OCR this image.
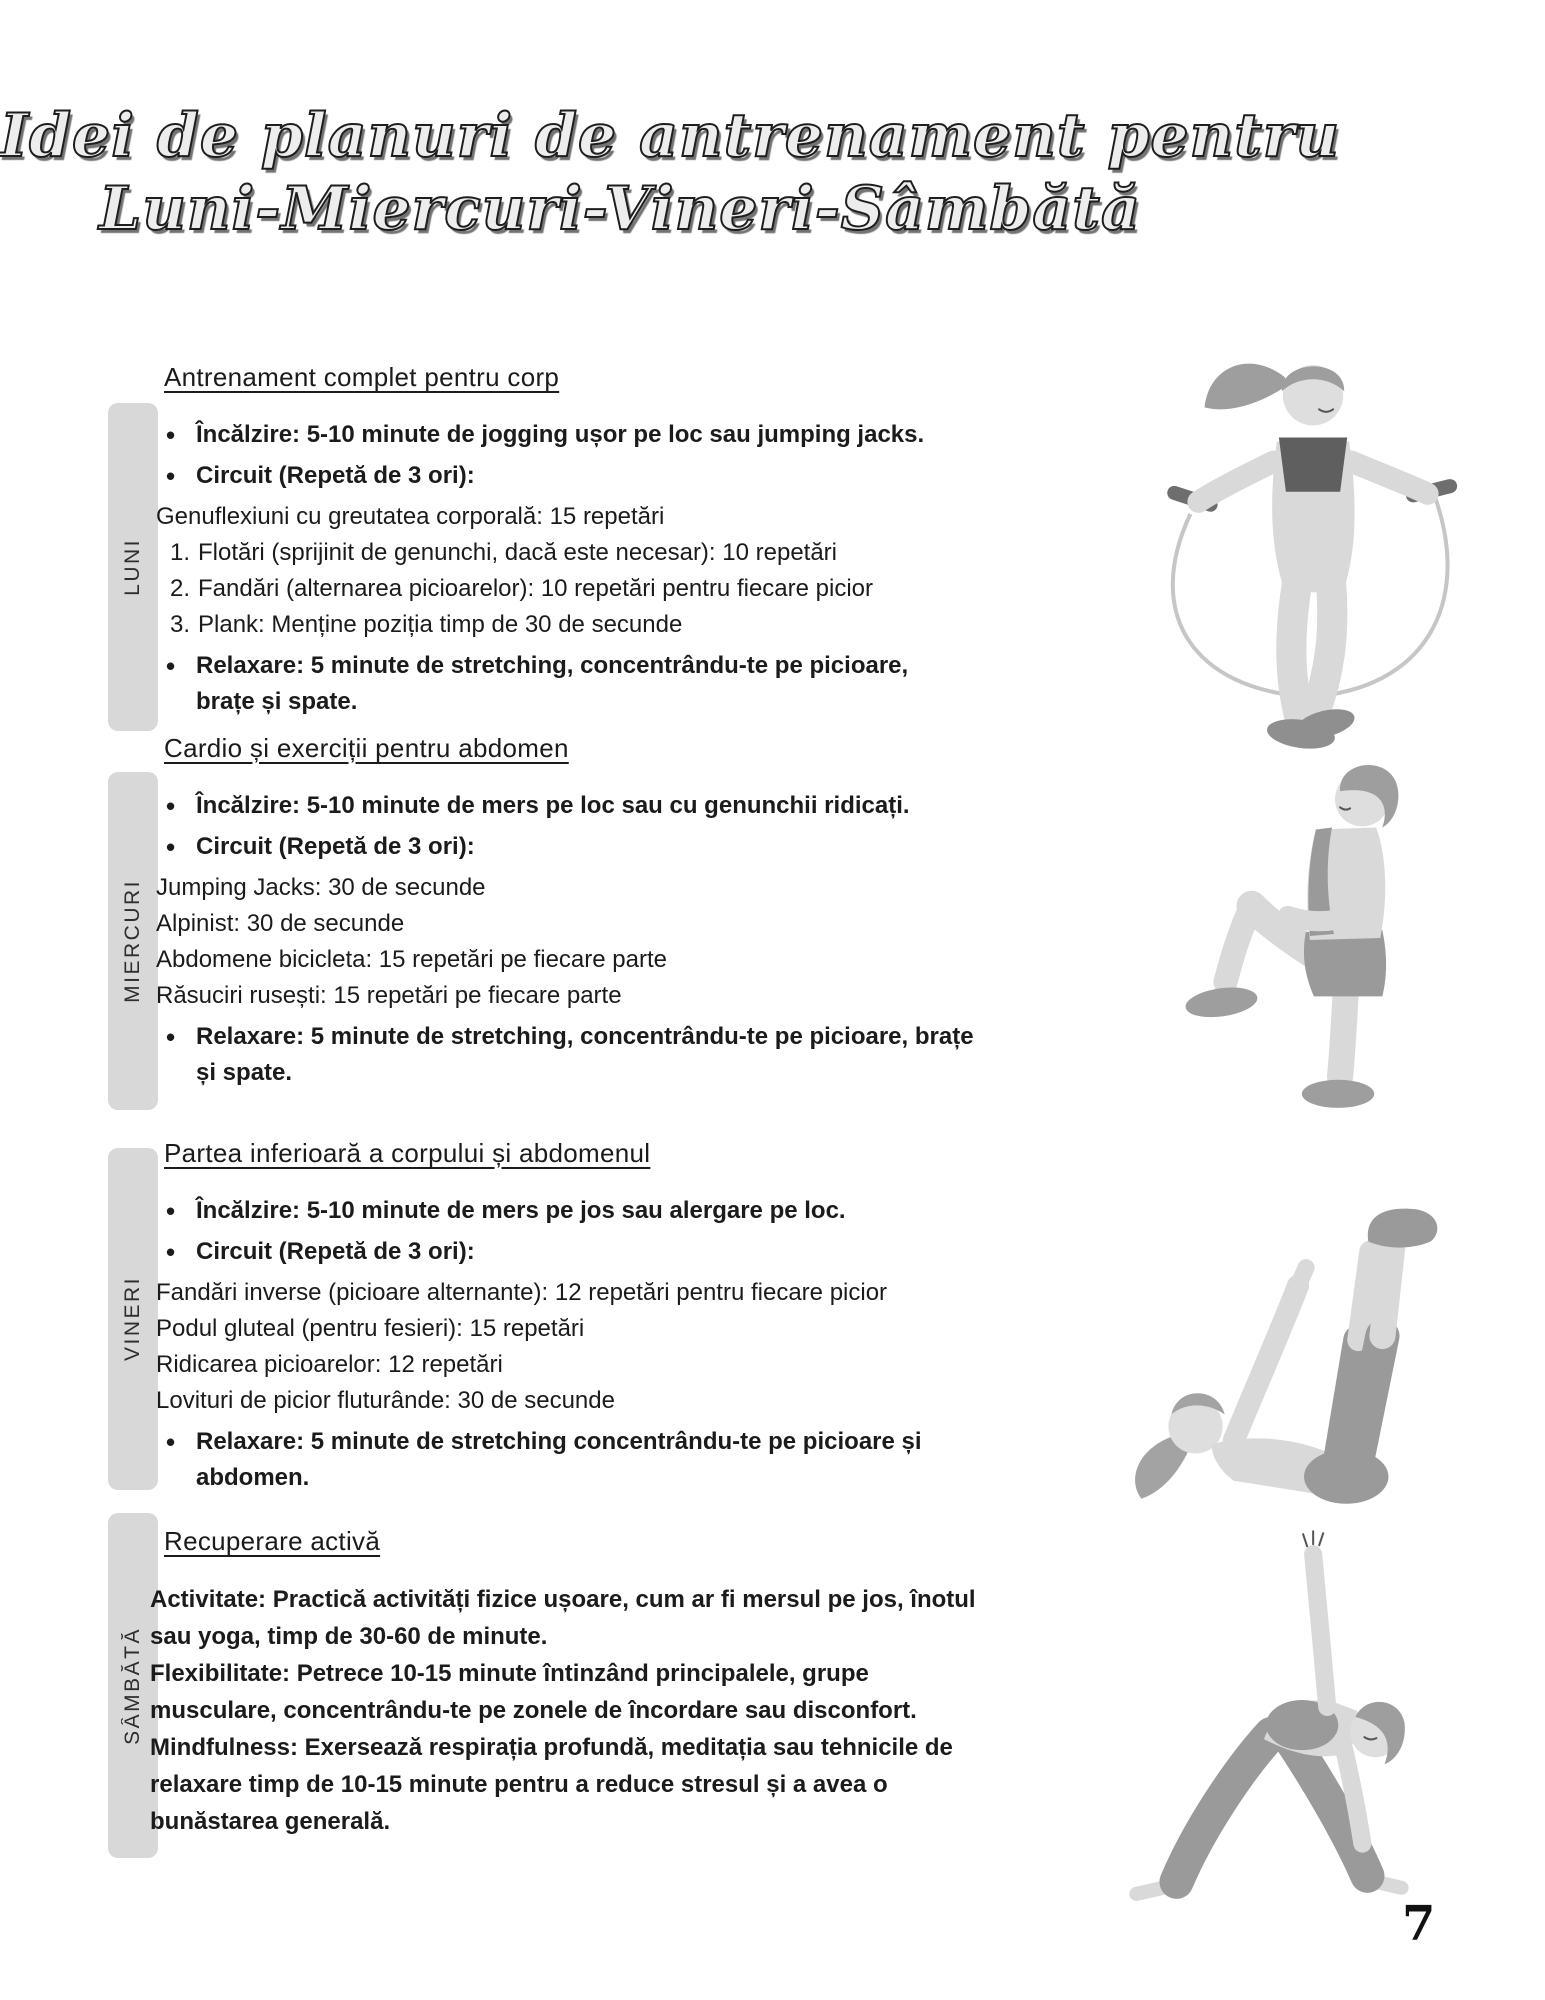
Idei de planuri de antrenament pentru
Luni-Miercuri-Vineri-Sâmbătă
LUNI
MIERCURI
VINERI
SÂMBĂTĂ
Antrenament complet pentru corp
• Încălzire: 5-10 minute de jogging ușor pe loc sau jumping jacks.
• Circuit (Repetă de 3 ori):
Genuflexiuni cu greutatea corporală: 15 repetări
1. Flotări (sprijinit de genunchi, dacă este necesar): 10 repetări
2. Fandări (alternarea picioarelor): 10 repetări pentru fiecare picior
3. Plank: Menține poziția timp de 30 de secunde
• Relaxare: 5 minute de stretching, concentrându-te pe picioare, brațe și spate.
Cardio și exerciții pentru abdomen
• Încălzire: 5-10 minute de mers pe loc sau cu genunchii ridicați.
• Circuit (Repetă de 3 ori):
Jumping Jacks: 30 de secunde
Alpinist: 30 de secunde
Abdomene bicicleta: 15 repetări pe fiecare parte
Răsuciri rusești: 15 repetări pe fiecare parte
• Relaxare: 5 minute de stretching, concentrându-te pe picioare, brațe și spate.
Partea inferioară a corpului și abdomenul
• Încălzire: 5-10 minute de mers pe jos sau alergare pe loc.
• Circuit (Repetă de 3 ori):
Fandări inverse (picioare alternante): 12 repetări pentru fiecare picior
Podul gluteal (pentru fesieri): 15 repetări
Ridicarea picioarelor: 12 repetări
Lovituri de picior fluturânde: 30 de secunde
• Relaxare: 5 minute de stretching concentrându-te pe picioare și abdomen.
Recuperare activă
Activitate: Practică activități fizice ușoare, cum ar fi mersul pe jos, înotul sau yoga, timp de 30-60 de minute.
Flexibilitate: Petrece 10-15 minute întinzând principalele, grupe musculare, concentrându-te pe zonele de încordare sau disconfort.
Mindfulness: Exersează respirația profundă, meditația sau tehnicile de relaxare timp de 10-15 minute pentru a reduce stresul și a avea o bunăstarea generală.
7
